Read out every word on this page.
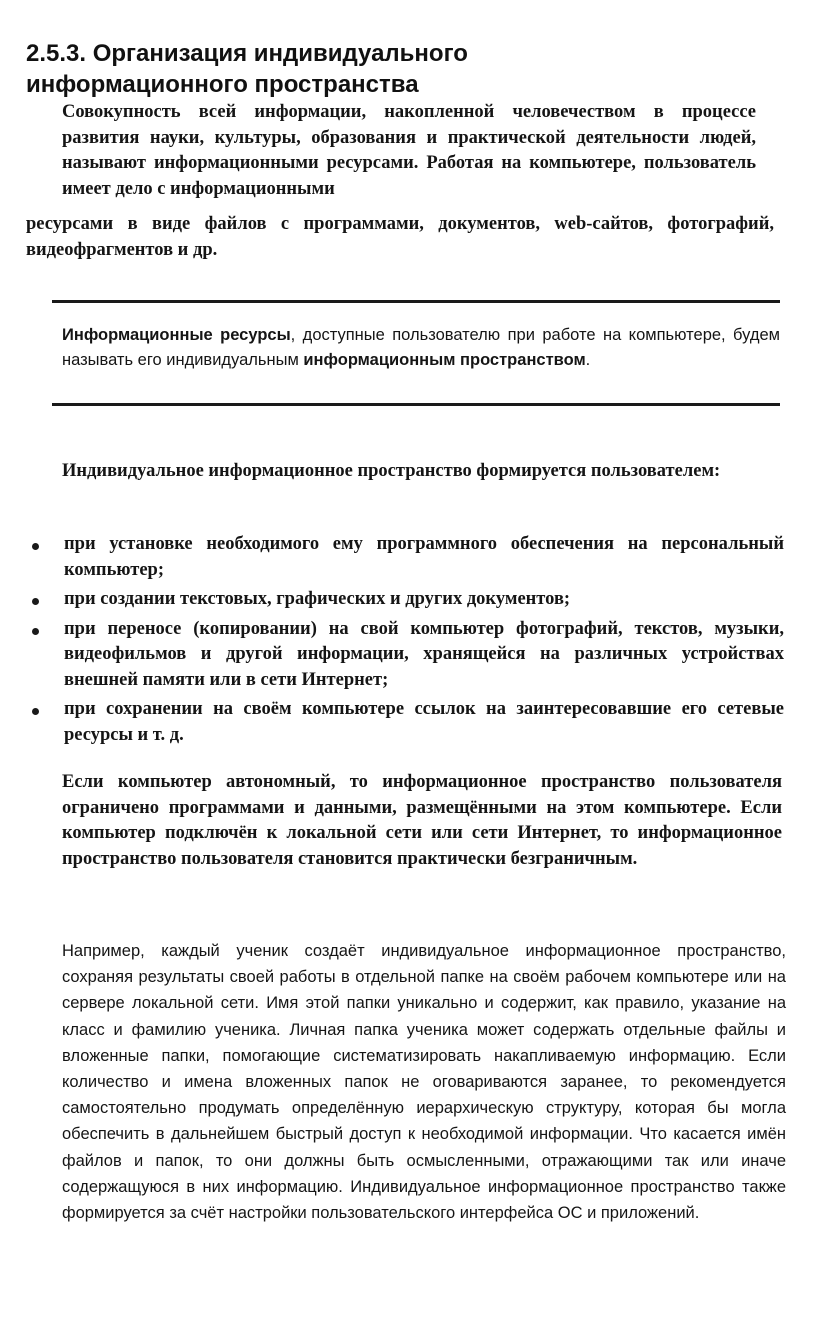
2.5.3. Организация индивидуального
информационного пространства
Совокупность всей информации, накопленной человечеством в процессе развития науки, культуры, образования и практической деятельности людей, называют информационными ресурсами. Работая на компьютере, пользователь имеет дело с информационными
ресурсами в виде файлов с программами, документов, web-сайтов, фотографий, видеофрагментов и др.
Информационные ресурсы, доступные пользователю при работе на компьютере, будем называть его индивидуальным информационным пространством.
Индивидуальное информационное пространство формируется пользователем:
при установке необходимого ему программного обеспечения на персональный компьютер;
при создании текстовых, графических и других документов;
при переносе (копировании) на свой компьютер фотографий, текстов, музыки, видеофильмов и другой информации, хранящейся на различных устройствах внешней памяти или в сети Интернет;
при сохранении на своём компьютере ссылок на заинтересовавшие его сетевые ресурсы и т. д.
Если компьютер автономный, то информационное пространство пользователя ограничено программами и данными, размещёнными на этом компьютере. Если компьютер подключён к локальной сети или сети Интернет, то информационное пространство пользователя становится практически безграничным.
Например, каждый ученик создаёт индивидуальное информационное пространство, сохраняя результаты своей работы в отдельной папке на своём рабочем компьютере или на сервере локальной сети. Имя этой папки уникально и содержит, как правило, указание на класс и фамилию ученика. Личная папка ученика может содержать отдельные файлы и вложенные папки, помогающие систематизировать накапливаемую информацию. Если количество и имена вложенных папок не оговариваются заранее, то рекомендуется самостоятельно продумать определённую иерархическую структуру, которая бы могла обеспечить в дальнейшем быстрый доступ к необходимой информации. Что касается имён файлов и папок, то они должны быть осмысленными, отражающими так или иначе содержащуюся в них информацию. Индивидуальное информационное пространство также формируется за счёт настройки пользовательского интерфейса ОС и приложений.
